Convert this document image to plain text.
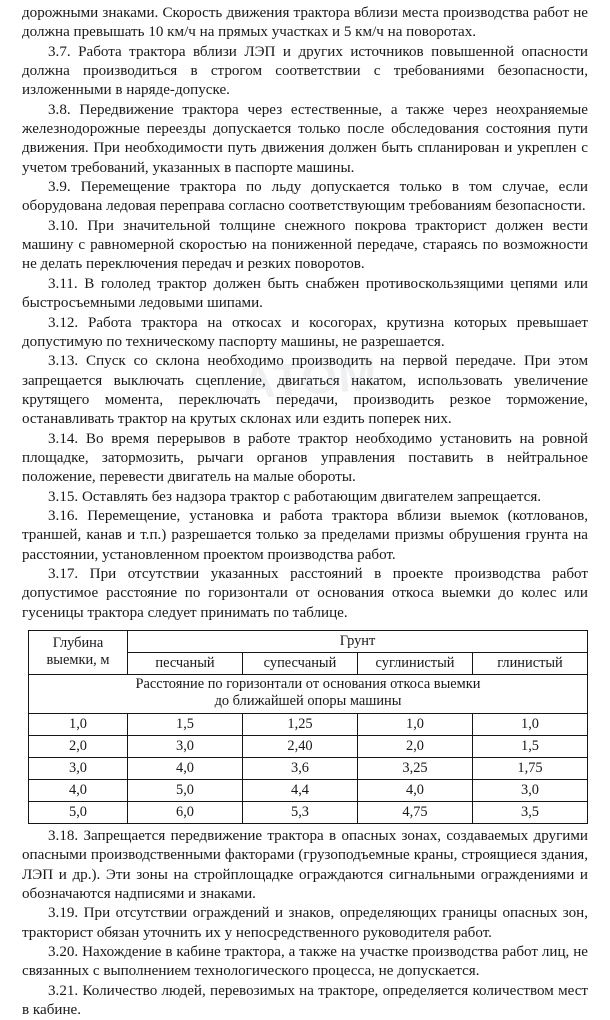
АТОМ

дорожными знаками. Скорость движения трактора вблизи места производства работ не должна превышать 10 км/ч на прямых участках и 5 км/ч на поворотах.

3.7. Работа трактора вблизи ЛЭП и других источников повышенной опасности должна производиться в строгом соответствии с требованиями безопасности, изложенными в наряде-допуске.

3.8. Передвижение трактора через естественные, а также через неохраняемые железнодорожные переезды допускается только после обследования состояния пути движения. При необходимости путь движения должен быть спланирован и укреплен с учетом требований, указанных в паспорте машины.

3.9. Перемещение трактора по льду допускается только в том случае, если оборудована ледовая переправа согласно соответствующим требованиям безопасности.

3.10. При значительной толщине снежного покрова тракторист должен вести машину с равномерной скоростью на пониженной передаче, стараясь по возможности не делать переключения передач и резких поворотов.

3.11. В гололед трактор должен быть снабжен противоскользящими цепями или быстросъемными ледовыми шипами.

3.12. Работа трактора на откосах и косогорах, крутизна которых превышает допустимую по техническому паспорту машины, не разрешается.

3.13. Спуск со склона необходимо производить на первой передаче. При этом запрещается выключать сцепление, двигаться накатом, использовать увеличение крутящего момента, переключать передачи, производить резкое торможение, останавливать трактор на крутых склонах или ездить поперек них.

3.14. Во время перерывов в работе трактор необходимо установить на ровной площадке, затормозить, рычаги органов управления поставить в нейтральное положение, перевести двигатель на малые обороты.

3.15. Оставлять без надзора трактор с работающим двигателем запрещается.

3.16. Перемещение, установка и работа трактора вблизи выемок (котлованов, траншей, канав и т.п.) разрешается только за пределами призмы обрушения грунта на расстоянии, установленном проектом производства работ.

3.17. При отсутствии указанных расстояний в проекте производства работ допустимое расстояние по горизонтали от основания откоса выемки до колес или гусеницы трактора следует принимать по таблице.

Глубина
выемки, м	Грунт			
	песчаный	супесчаный	суглинистый	глинистый
Расстояние по горизонтали от основания откоса выемки
до ближайшей опоры машины				
1,0	1,5	1,25	1,0	1,0
2,0	3,0	2,40	2,0	1,5
3,0	4,0	3,6	3,25	1,75
4,0	5,0	4,4	4,0	3,0
5,0	6,0	5,3	4,75	3,5

3.18. Запрещается передвижение трактора в опасных зонах, создаваемых другими опасными производственными факторами (грузоподъемные краны, строящиеся здания, ЛЭП и др.). Эти зоны на стройплощадке ограждаются сигнальными ограждениями и обозначаются надписями и знаками.

3.19. При отсутствии ограждений и знаков, определяющих границы опасных зон, тракторист обязан уточнить их у непосредственного руководителя работ.

3.20. Нахождение в кабине трактора, а также на участке производства работ лиц, не связанных с выполнением технологического процесса, не допускается.

3.21. Количество людей, перевозимых на тракторе, определяется количеством мест в кабине.
